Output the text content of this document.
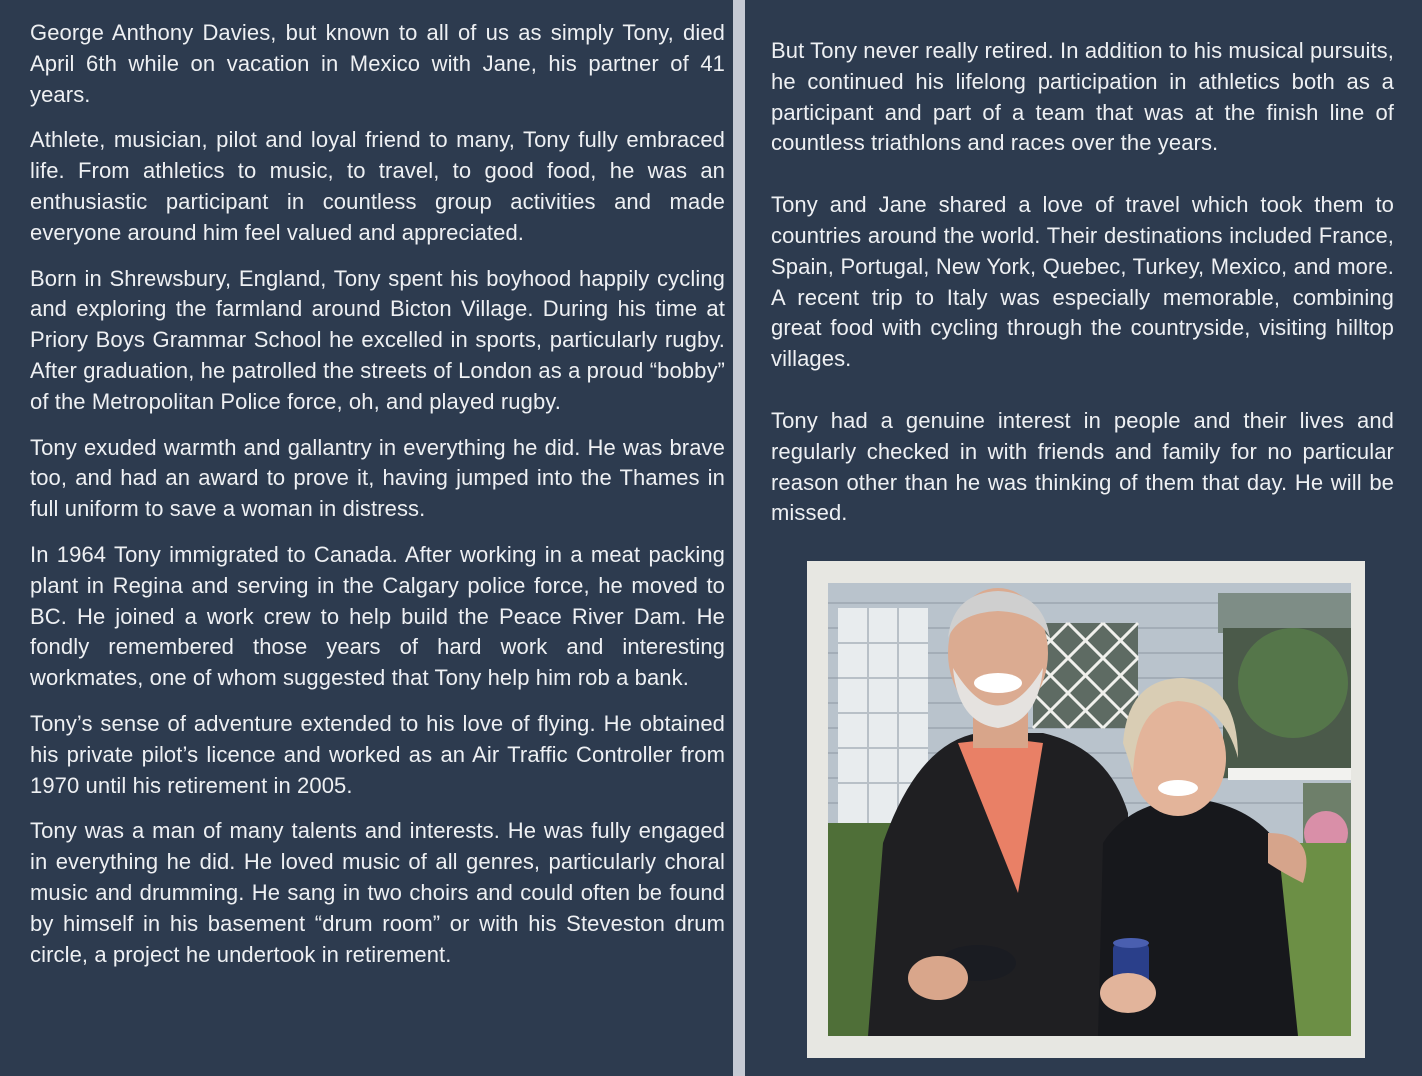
George Anthony Davies, but known to all of us as simply Tony, died April 6th while on vacation in Mexico with Jane, his partner of 41 years.

Athlete, musician, pilot and loyal friend to many, Tony fully embraced life. From athletics to music, to travel, to good food, he was an enthusiastic participant in countless group activities and made everyone around him feel valued and appreciated.

Born in Shrewsbury, England, Tony spent his boyhood happily cycling and exploring the farmland around Bicton Village. During his time at Priory Boys Grammar School he excelled in sports, particularly rugby. After graduation, he patrolled the streets of London as a proud “bobby” of the Metropolitan Police force, oh, and played rugby.

Tony exuded warmth and gallantry in everything he did. He was brave too, and had an award to prove it, having jumped into the Thames in full uniform to save a woman in distress.

In 1964 Tony immigrated to Canada. After working in a meat packing plant in Regina and serving in the Calgary police force, he moved to BC. He joined a work crew to help build the Peace River Dam. He fondly remembered those years of hard work and interesting workmates, one of whom suggested that Tony help him rob a bank.

Tony’s sense of adventure extended to his love of flying. He obtained his private pilot’s licence and worked as an Air Traffic Controller from 1970 until his retirement in 2005.

Tony was a man of many talents and interests. He was fully engaged in everything he did. He loved music of all genres, particularly choral music and drumming. He sang in two choirs and could often be found by himself in his basement “drum room” or with his Steveston drum circle, a project he undertook in retirement.

But Tony never really retired. In addition to his musical pursuits, he continued his lifelong participation in athletics both as a participant and part of a team that was at the finish line of countless triathlons and races over the years.

Tony and Jane shared a love of travel which took them to countries around the world. Their destinations included France, Spain, Portugal, New York, Quebec, Turkey, Mexico, and more. A recent trip to Italy was especially memorable, combining great food with cycling through the countryside, visiting hilltop villages.

Tony had a genuine interest in people and their lives and regularly checked in with friends and family for no particular reason other than he was thinking of them that day. He will be missed.
